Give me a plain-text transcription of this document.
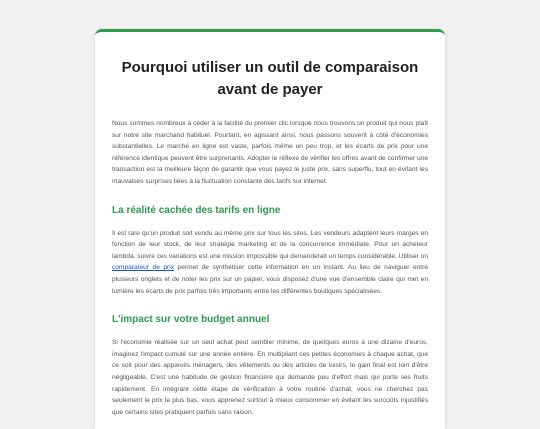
Pourquoi utiliser un outil de comparaison avant de payer

Nous sommes nombreux à céder à la facilité du premier clic lorsque nous trouvons un produit qui nous plaît sur notre site marchand habituel. Pourtant, en agissant ainsi, nous passons souvent à côté d'économies substantielles. Le marché en ligne est vaste, parfois même un peu trop, et les écarts de prix pour une référence identique peuvent être surprenants. Adopter le réflexe de vérifier les offres avant de confirmer une transaction est la meilleure façon de garantir que vous payez le juste prix, sans superflu, tout en évitant les mauvaises surprises liées à la fluctuation constante des tarifs sur internet.

La réalité cachée des tarifs en ligne

Il est rare qu'un produit soit vendu au même prix sur tous les sites. Les vendeurs adaptent leurs marges en fonction de leur stock, de leur stratégie marketing et de la concurrence immédiate. Pour un acheteur lambda, suivre ces variations est une mission impossible qui demanderait un temps considérable. Utiliser un comparateur de prix permet de synthétiser cette information en un instant. Au lieu de naviguer entre plusieurs onglets et de noter les prix sur un papier, vous disposez d'une vue d'ensemble claire qui met en lumière les écarts de prix parfois très importants entre les différentes boutiques spécialisées.

L'impact sur votre budget annuel

Si l'économie réalisée sur un seul achat peut sembler minime, de quelques euros à une dizaine d'euros, imaginez l'impact cumulé sur une année entière. En multipliant ces petites économies à chaque achat, que ce soit pour des appareils ménagers, des vêtements ou des articles de loisirs, le gain final est loin d'être négligeable. C'est une habitude de gestion financière qui demande peu d'effort mais qui porte ses fruits rapidement. En intégrant cette étape de vérification à votre routine d'achat, vous ne cherchez pas seulement le prix le plus bas, vous apprenez surtout à mieux consommer en évitant les surcoûts injustifiés que certains sites pratiquent parfois sans raison.
